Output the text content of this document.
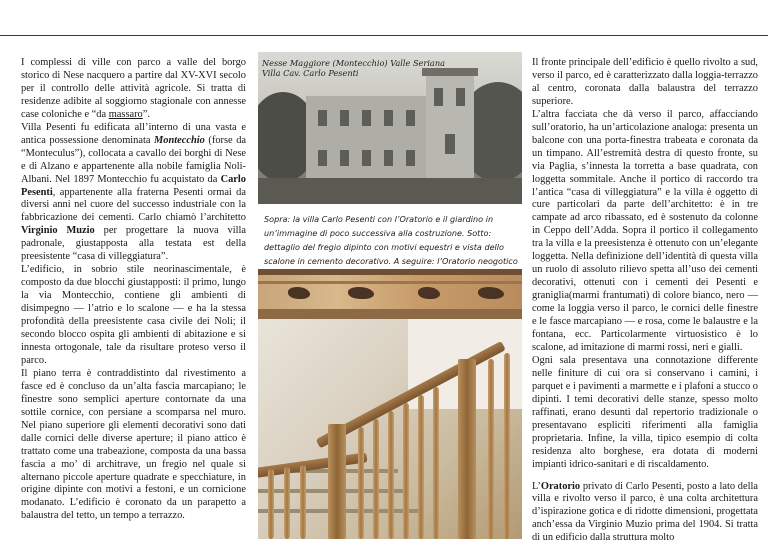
I complessi di ville con parco a valle del borgo storico di Nese nacquero a partire dal XV-XVI secolo per il controllo delle attività agricole. Si tratta di residenze adibite al soggiorno stagionale con annesse case coloniche e “da massaro”.

Villa Pesenti fu edificata all’interno di una vasta e antica possessione denominata Montecchio (forse da “Monteculus”), collocata a cavallo dei borghi di Nese e di Alzano e appartenente alla nobile famiglia Noli-Albani. Nel 1897 Montecchio fu acquistato da Carlo Pesenti, appartenente alla fraterna Pesenti ormai da diversi anni nel cuore del successo industriale con la fabbricazione dei cementi. Carlo chiamò l’architetto Virginio Muzio per progettare la nuova villa padronale, giustapposta alla testata est della preesistente “casa di villeggiatura”.

L’edificio, in sobrio stile neorinascimentale, è composto da due blocchi giustapposti: il primo, lungo la via Montecchio, contiene gli ambienti di disimpegno — l’atrio e lo scalone — e ha la stessa profondità della preesistente casa civile dei Noli; il secondo blocco ospita gli ambienti di abitazione e si innesta ortogonale, tale da risultare proteso verso il parco.

Il piano terra è contraddistinto dal rivestimento a fasce ed è concluso da un’alta fascia marcapiano; le finestre sono semplici aperture contornate da una sottile cornice, con persiane a scomparsa nel muro. Nel piano superiore gli elementi decorativi sono dati dalle cornici delle diverse aperture; il piano attico è trattato come una trabeazione, composta da una bassa fascia a mo’ di architrave, un fregio nel quale si alternano piccole aperture quadrate e specchiature, in origine dipinte con motivi a festoni, e un cornicione modanato. L’edificio è coronato da un parapetto a balaustra del tetto, un tempo a terrazzo.

Nesse Maggiore (Montecchio) Valle Seriana
Villa Cav. Carlo Pesenti
Sopra: la villa Carlo Pesenti con l’Oratorio e il giardino in un’immagine di poco successiva alla costruzione. Sotto: dettaglio del fregio dipinto con motivi equestri e vista dello scalone in cemento decorativo. A seguire: l’Oratorio neogotico

Il fronte principale dell’edificio è quello rivolto a sud, verso il parco, ed è caratterizzato dalla loggia-terrazzo al centro, coronata dalla balaustra del terrazzo superiore.

L’altra facciata che dà verso il parco, affacciando sull’oratorio, ha un’articolazione analoga: presenta un balcone con una porta-finestra trabeata e coronata da un timpano. All’estremità destra di questo fronte, su via Paglia, s’innesta la torretta a base quadrata, con loggetta sommitale. Anche il portico di raccordo tra l’antica “casa di villeggiatura” e la villa è oggetto di cure particolari da parte dell’architetto: è in tre campate ad arco ribassato, ed è sostenuto da colonne in Ceppo dell’Adda. Sopra il portico il collegamento tra la villa e la preesistenza è ottenuto con un’elegante loggetta. Nella definizione dell’identità di questa villa un ruolo di assoluto rilievo spetta all’uso dei cementi decorativi, ottenuti con i cementi dei Pesenti e graniglia(marmi frantumati) di colore bianco, nero — come la loggia verso il parco, le cornici delle finestre e le fasce marcapiano — e rosa, come le balaustre e la fontana, ecc. Particolarmente virtuosistico è lo scalone, ad imitazione di marmi rossi, neri e gialli.

Ogni sala presentava una connotazione differente nelle finiture di cui ora si conservano i camini, i parquet e i pavimenti a marmette e i plafoni a stucco o dipinti. I temi decorativi delle stanze, spesso molto raffinati, erano desunti dal repertorio tradizionale o presentavano espliciti riferimenti alla famiglia proprietaria. Infine, la villa, tipico esempio di colta residenza alto borghese, era dotata di moderni impianti idrico-sanitari e di riscaldamento.

L’Oratorio privato di Carlo Pesenti, posto a lato della villa e rivolto verso il parco, è una colta architettura d’ispirazione gotica e di ridotte dimensioni, progettata anch’essa da Virginio Muzio prima del 1904. Si tratta di un edificio dalla struttura molto
